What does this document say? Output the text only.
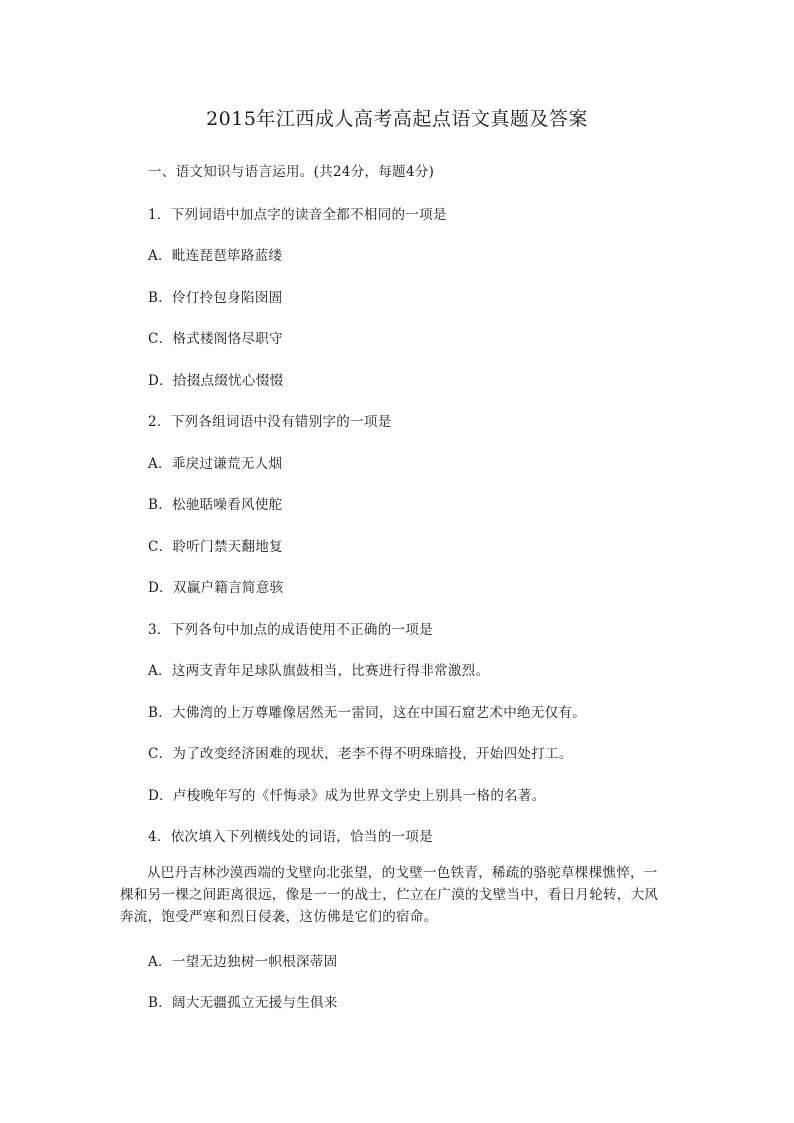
2015年江西成人高考高起点语文真题及答案
一、语文知识与语言运用。(共24分，每题4分)
1．下列词语中加点字的读音全都不相同的一项是
A．毗连琵琶筚路蓝缕
B．伶仃拎包身陷囹圄
C．格式楼阁恪尽职守
D．拾掇点缀忧心惙惙
2．下列各组词语中没有错别字的一项是
A．乖戾过谦荒无人烟
B．松驰聒噪看风使舵
C．聆听门禁天翻地复
D．双赢户籍言简意骇
3．下列各句中加点的成语使用不正确的一项是
A．这两支青年足球队旗鼓相当，比赛进行得非常激烈。
B．大佛湾的上万尊雕像居然无一雷同，这在中国石窟艺术中绝无仅有。
C．为了改变经济困难的现状，老李不得不明珠暗投，开始四处打工。
D．卢梭晚年写的《忏悔录》成为世界文学史上别具一格的名著。
4．依次填入下列横线处的词语，恰当的一项是
从巴丹吉林沙漠西端的戈壁向北张望，的戈壁一色铁青，稀疏的骆驼草棵棵憔悴，一棵和另一棵之间距离很远，像是一一的战士，伫立在广漠的戈壁当中，看日月轮转，大风奔流，饱受严寒和烈日侵袭，这仿佛是它们的宿命。
A．一望无边独树一帜根深蒂固
B．阔大无疆孤立无援与生俱来
